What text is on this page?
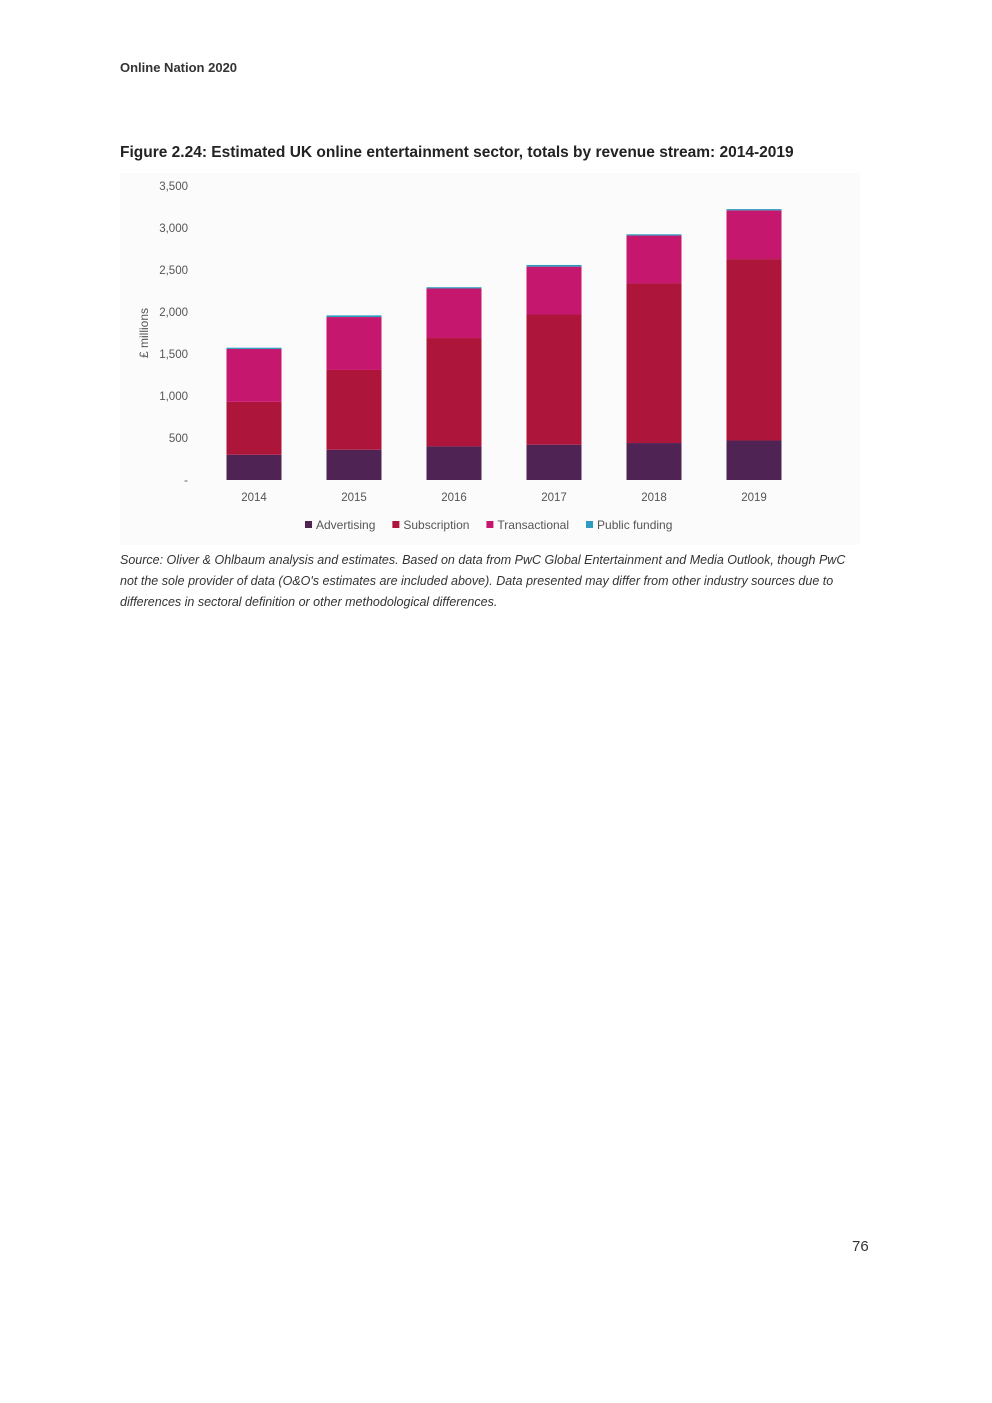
Online Nation 2020
Figure 2.24: Estimated UK online entertainment sector, totals by revenue stream: 2014-2019
£ millions
-
500
1,000
1,500
2,000
2,500
3,000
3,500
2014	2015	2016	2017	2018	2019
Advertising Subscription Transactional Public funding
Source: Oliver & Ohlbaum analysis and estimates. Based on data from PwC Global Entertainment and Media Outlook, though PwC not the sole provider of data (O&O's estimates are included above). Data presented may differ from other industry sources due to differences in sectoral definition or other methodological differences.
76
